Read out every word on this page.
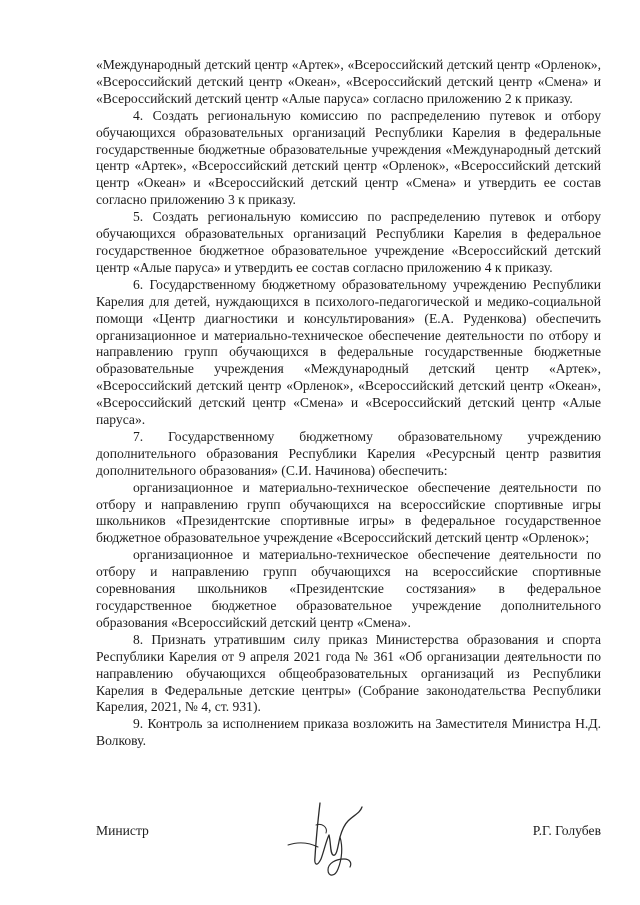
«Международный детский центр «Артек», «Всероссийский детский центр «Орленок», «Всероссийский детский центр «Океан», «Всероссийский детский центр «Смена» и «Всероссийский детский центр «Алые паруса» согласно приложению 2 к приказу.

4. Создать региональную комиссию по распределению путевок и отбору обучающихся образовательных организаций Республики Карелия в федеральные государственные бюджетные образовательные учреждения «Международный детский центр «Артек», «Всероссийский детский центр «Орленок», «Всероссийский детский центр «Океан» и «Всероссийский детский центр «Смена» и утвердить ее состав согласно приложению 3 к приказу.

5. Создать региональную комиссию по распределению путевок и отбору обучающихся образовательных организаций Республики Карелия в федеральное государственное бюджетное образовательное учреждение «Всероссийский детский центр «Алые паруса» и утвердить ее состав согласно приложению 4 к приказу.

6. Государственному бюджетному образовательному учреждению Республики Карелия для детей, нуждающихся в психолого-педагогической и медико-социальной помощи «Центр диагностики и консультирования» (Е.А. Руденкова) обеспечить организационное и материально-техническое обеспечение деятельности по отбору и направлению групп обучающихся в федеральные государственные бюджетные образовательные учреждения «Международный детский центр «Артек», «Всероссийский детский центр «Орленок», «Всероссийский детский центр «Океан», «Всероссийский детский центр «Смена» и «Всероссийский детский центр «Алые паруса».

7. Государственному бюджетному образовательному учреждению дополнительного образования Республики Карелия «Ресурсный центр развития дополнительного образования» (С.И. Начинова) обеспечить:

организационное и материально-техническое обеспечение деятельности по отбору и направлению групп обучающихся на всероссийские спортивные игры школьников «Президентские спортивные игры» в федеральное государственное бюджетное образовательное учреждение «Всероссийский детский центр «Орленок»;

организационное и материально-техническое обеспечение деятельности по отбору и направлению групп обучающихся на всероссийские спортивные соревнования школьников «Президентские состязания» в федеральное государственное бюджетное образовательное учреждение дополнительного образования «Всероссийский детский центр «Смена».

8. Признать утратившим силу приказ Министерства образования и спорта Республики Карелия от 9 апреля 2021 года № 361 «Об организации деятельности по направлению обучающихся общеобразовательных организаций из Республики Карелия в Федеральные детские центры» (Собрание законодательства Республики Карелия, 2021, № 4, ст. 931).

9. Контроль за исполнением приказа возложить на Заместителя Министра Н.Д. Волкову.

Министр	Р.Г. Голубев
